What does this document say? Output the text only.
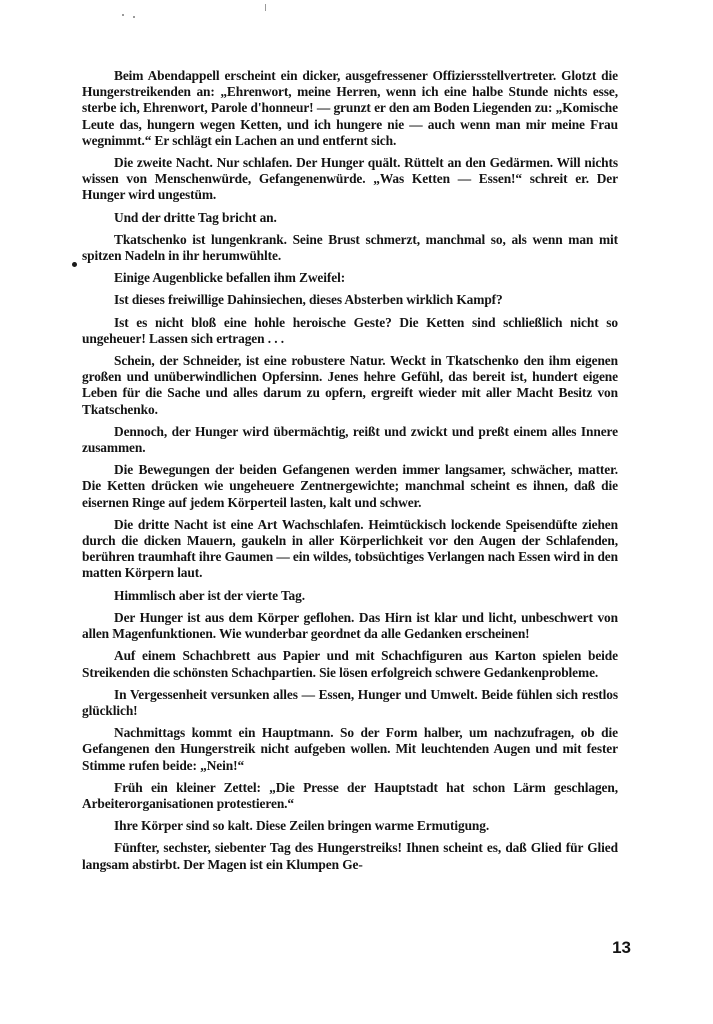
Beim Abendappell erscheint ein dicker, ausgefressener Offiziersstellvertreter. Glotzt die Hungerstreikenden an: „Ehrenwort, meine Herren, wenn ich eine halbe Stunde nichts esse, sterbe ich, Ehrenwort, Parole d'honneur! — grunzt er den am Boden Liegenden zu: „Komische Leute das, hungern wegen Ketten, und ich hungere nie — auch wenn man mir meine Frau wegnimmt.“ Er schlägt ein Lachen an und entfernt sich.

Die zweite Nacht. Nur schlafen. Der Hunger quält. Rüttelt an den Gedärmen. Will nichts wissen von Menschenwürde, Gefangenenwürde. „Was Ketten — Essen!“ schreit er. Der Hunger wird ungestüm.

Und der dritte Tag bricht an.

Tkatschenko ist lungenkrank. Seine Brust schmerzt, manchmal so, als wenn man mit spitzen Nadeln in ihr herumwühlte.

Einige Augenblicke befallen ihm Zweifel:

Ist dieses freiwillige Dahinsiechen, dieses Absterben wirklich Kampf?

Ist es nicht bloß eine hohle heroische Geste? Die Ketten sind schließlich nicht so ungeheuer! Lassen sich ertragen . . .

Schein, der Schneider, ist eine robustere Natur. Weckt in Tkatschenko den ihm eigenen großen und unüberwindlichen Opfersinn. Jenes hehre Gefühl, das bereit ist, hundert eigene Leben für die Sache und alles darum zu opfern, ergreift wieder mit aller Macht Besitz von Tkatschenko.

Dennoch, der Hunger wird übermächtig, reißt und zwickt und preßt einem alles Innere zusammen.

Die Bewegungen der beiden Gefangenen werden immer langsamer, schwächer, matter. Die Ketten drücken wie ungeheuere Zentnergewichte; manchmal scheint es ihnen, daß die eisernen Ringe auf jedem Körperteil lasten, kalt und schwer.

Die dritte Nacht ist eine Art Wachschlafen. Heimtückisch lockende Speisendüfte ziehen durch die dicken Mauern, gaukeln in aller Körperlichkeit vor den Augen der Schlafenden, berühren traumhaft ihre Gaumen — ein wildes, tobsüchtiges Verlangen nach Essen wird in den matten Körpern laut.

Himmlisch aber ist der vierte Tag.

Der Hunger ist aus dem Körper geflohen. Das Hirn ist klar und licht, unbeschwert von allen Magenfunktionen. Wie wunderbar geordnet da alle Gedanken erscheinen!

Auf einem Schachbrett aus Papier und mit Schachfiguren aus Karton spielen beide Streikenden die schönsten Schachpartien. Sie lösen erfolgreich schwere Gedankenprobleme.

In Vergessenheit versunken alles — Essen, Hunger und Umwelt. Beide fühlen sich restlos glücklich!

Nachmittags kommt ein Hauptmann. So der Form halber, um nachzufragen, ob die Gefangenen den Hungerstreik nicht aufgeben wollen. Mit leuchtenden Augen und mit fester Stimme rufen beide: „Nein!“

Früh ein kleiner Zettel: „Die Presse der Hauptstadt hat schon Lärm geschlagen, Arbeiterorganisationen protestieren.“

Ihre Körper sind so kalt. Diese Zeilen bringen warme Ermutigung.

Fünfter, sechster, siebenter Tag des Hungerstreiks! Ihnen scheint es, daß Glied für Glied langsam abstirbt. Der Magen ist ein Klumpen Ge-

13
